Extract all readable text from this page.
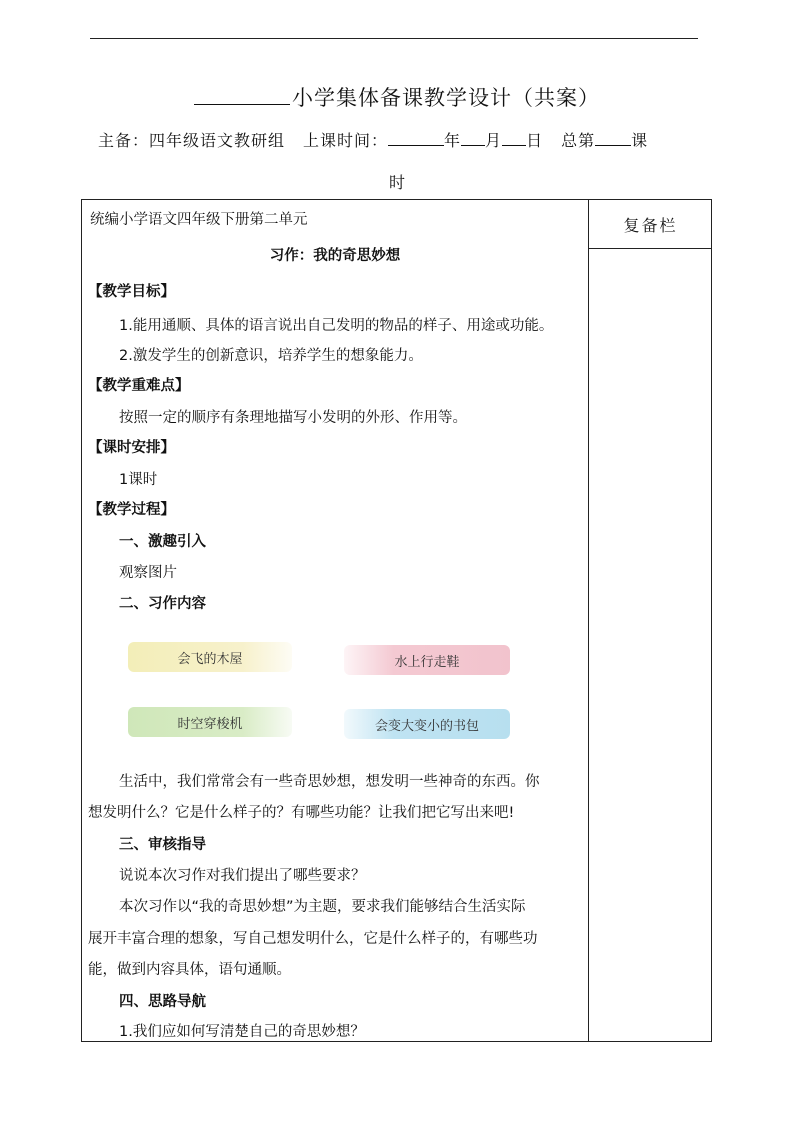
小学集体备课教学设计（共案）
主备：四年级语文教研组 上课时间：	年 月 日 总第 课
时
复备栏
统编小学语文四年级下册第二单元
习作：我的奇思妙想
【教学目标】
1.能用通顺、具体的语言说出自己发明的物品的样子、用途或功能。
2.激发学生的创新意识，培养学生的想象能力。
【教学重难点】
按照一定的顺序有条理地描写小发明的外形、作用等。
【课时安排】
1课时
【教学过程】
一、激趣引入
观察图片
二、习作内容
会飞的木屋	水上行走鞋
时空穿梭机	会变大变小的书包
生活中，我们常常会有一些奇思妙想，想发明一些神奇的东西。你
想发明什么？它是什么样子的？有哪些功能？让我们把它写出来吧!
三、审核指导
说说本次习作对我们提出了哪些要求？
本次习作以“我的奇思妙想”为主题，要求我们能够结合生活实际
展开丰富合理的想象，写自己想发明什么，它是什么样子的，有哪些功
能，做到内容具体，语句通顺。
四、思路导航
1.我们应如何写清楚自己的奇思妙想？
